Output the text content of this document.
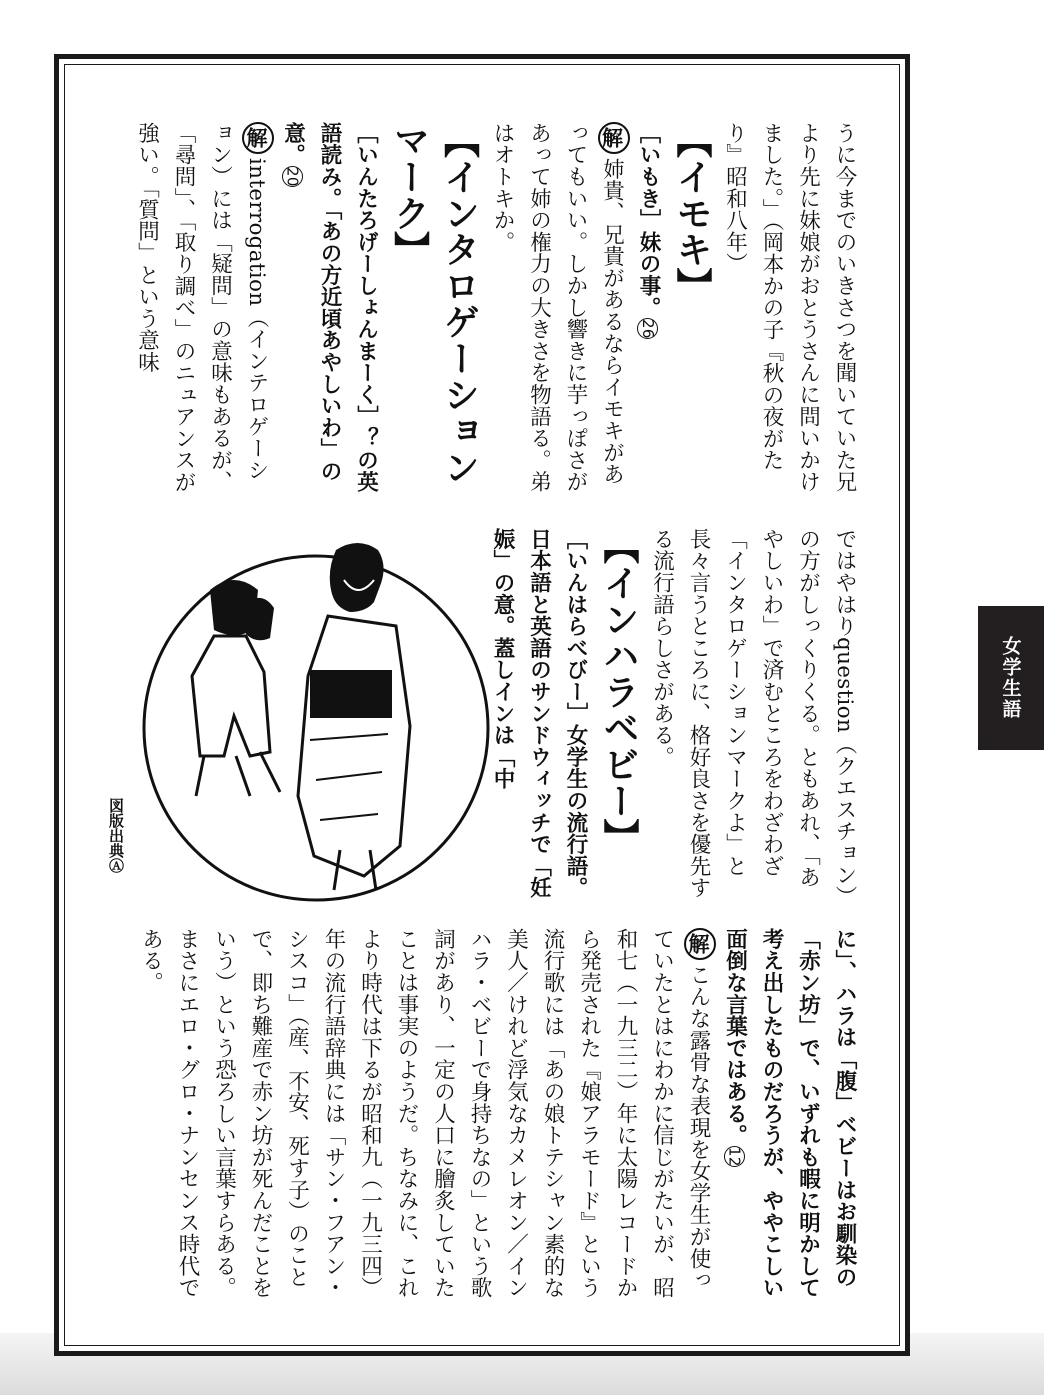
うに今までのいきさつを聞いていた兄より先に妹娘がおとうさんに問いかけました。」（岡本かの子『秋の夜がたり』昭和八年）
【イモキ】
［いもき］妹の事。26
解姉貴、兄貴があるならイモキがあってもいい。しかし響きに芋っぽさがあって姉の権力の大きさを物語る。弟はオトキか。
【インタロゲーションマーク】
［いんたろげーしょんまーく］？の英語読み。「あの方近頃あやしいわ」の意。20
解interrogation（インテロゲーション）には「疑問」の意味もあるが、「尋問」、「取り調べ」のニュアンスが強い。「質問」という意味
ではやはりquestion（クエスチョン）の方がしっくりくる。ともあれ、「あやしいわ」で済むところをわざわざ「インタロゲーションマークよ」と長々言うところに、格好良さを優先する流行語らしさがある。
【インハラベビー】
［いんはらべびー］女学生の流行語。日本語と英語のサンドウィッチで「妊娠」の意。蓋しインは「中
図版出典Ⓐ
に」、ハラは「腹」ベビーはお馴染の「赤ン坊」で、いずれも暇に明かして考え出したものだろうが、ややこしい面倒な言葉ではある。12
解こんな露骨な表現を女学生が使っていたとはにわかに信じがたいが、昭和七（一九三二）年に太陽レコードから発売された『娘アラモード』という流行歌には「あの娘トテシャン素的な美人／けれど浮気なカメレオン／インハラ・ベビーで身持ちなの」という歌詞があり、一定の人口に膾炙していたことは事実のようだ。ちなみに、これより時代は下るが昭和九（一九三四）年の流行語辞典には「サン・フアン・シスコ」（産、不安、死す子）のことで、即ち難産で赤ン坊が死んだことをいう）という恐ろしい言葉すらある。まさにエロ・グロ・ナンセンス時代である。
女学生語
